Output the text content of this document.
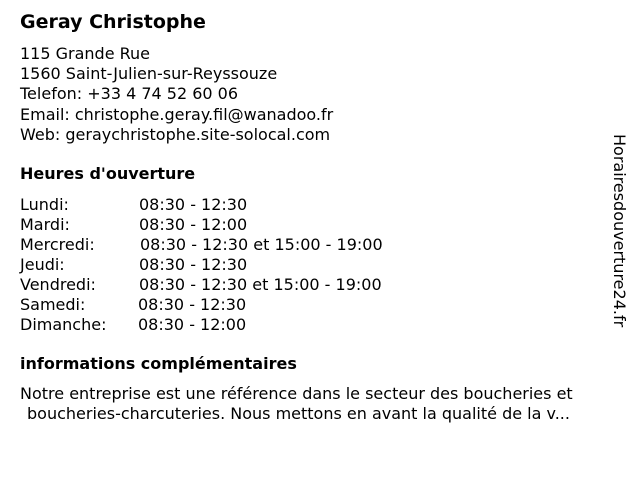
Geray Christophe
115 Grande Rue
1560 Saint-Julien-sur-Reyssouze
Telefon: +33 4 74 52 60 06
Email: christophe.geray.fil@wanadoo.fr
Web: geraychristophe.site-solocal.com
Heures d'ouverture
Lundi:	08:30 - 12:30
Mardi:	08:30 - 12:00
Mercredi:	08:30 - 12:30 et 15:00 - 19:00
Jeudi:	08:30 - 12:30
Vendredi:	08:30 - 12:30 et 15:00 - 19:00
Samedi:	08:30 - 12:30
Dimanche: 08:30 - 12:00
informations complémentaires
Notre entreprise est une référence dans le secteur des boucheries et
boucheries-charcuteries. Nous mettons en avant la qualité de la v...
Horairesdouverture24.fr
